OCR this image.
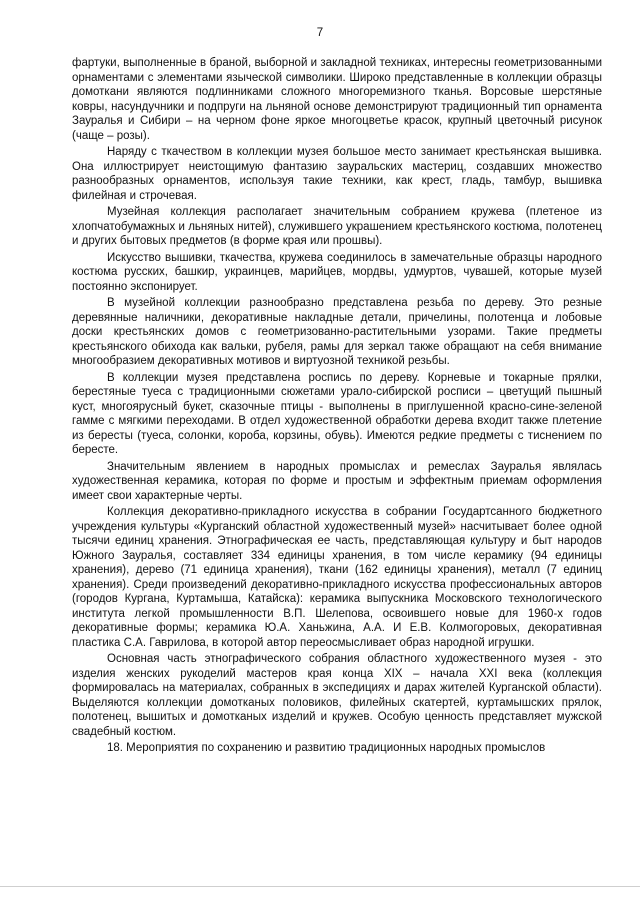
7

фартуки, выполненные в браной, выборной и закладной техниках, интересны геометризованными орнаментами с элементами языческой символики. Широко представленные в коллекции образцы домоткани являются подлинниками сложного многоремизного тканья. Ворсовые шерстяные ковры, насундучники и подпруги на льняной основе демонстрируют традиционный тип орнамента Зауралья и Сибири – на черном фоне яркое многоцветье красок, крупный цветочный рисунок (чаще – розы).

Наряду с ткачеством в коллекции музея большое место занимает крестьянская вышивка. Она иллюстрирует неистощимую фантазию зауральских мастериц, создавших множество разнообразных орнаментов, используя такие техники, как крест, гладь, тамбур, вышивка филейная и строчевая.

Музейная коллекция располагает значительным собранием кружева (плетеное из хлопчатобумажных и льняных нитей), служившего украшением крестьянского костюма, полотенец и других бытовых предметов (в форме края или прошвы).

Искусство вышивки, ткачества, кружева соединилось в замечательные образцы народного костюма русских, башкир, украинцев, марийцев, мордвы, удмуртов, чувашей, которые музей постоянно экспонирует.

В музейной коллекции разнообразно представлена резьба по дереву. Это резные деревянные наличники, декоративные накладные детали, причелины, полотенца и лобовые доски крестьянских домов с геометризованно-растительными узорами. Такие предметы крестьянского обихода как вальки, рубеля, рамы для зеркал также обращают на себя внимание многообразием декоративных мотивов и виртуозной техникой резьбы.

В коллекции музея представлена роспись по дереву. Корневые и токарные прялки, берестяные туеса с традиционными сюжетами урало-сибирской росписи – цветущий пышный куст, многоярусный букет, сказочные птицы - выполнены в приглушенной красно-сине-зеленой гамме с мягкими переходами. В отдел художественной обработки дерева входит также плетение из бересты (туеса, солонки, короба, корзины, обувь). Имеются редкие предметы с тиснением по бересте.

Значительным явлением в народных промыслах и ремеслах Зауралья являлась художественная керамика, которая по форме и простым и эффектным приемам оформления имеет свои характерные черты.

Коллекция декоративно-прикладного искусства в собрании Государтсанного бюджетного учреждения культуры «Курганский областной художественный музей» насчитывает более одной тысячи единиц хранения. Этнографическая ее часть, представляющая культуру и быт народов Южного Зауралья, составляет 334 единицы хранения, в том числе керамику (94 единицы хранения), дерево (71 единица хранения), ткани (162 единицы хранения), металл (7 единиц хранения). Среди произведений декоративно-прикладного искусства профессиональных авторов (городов Кургана, Куртамыша, Катайска): керамика выпускника Московского технологического института легкой промышленности В.П. Шелепова, освоившего новые для 1960-х годов декоративные формы; керамика Ю.А. Ханьжина, А.А. И Е.В. Колмогоровых, декоративная пластика С.А. Гаврилова, в которой автор переосмысливает образ народной игрушки.

Основная часть этнографического собрания областного художественного музея - это изделия женских рукоделий мастеров края конца XIX – начала XXI века (коллекция формировалась на материалах, собранных в экспедициях и дарах жителей Курганской области). Выделяются коллекции домотканых половиков, филейных скатертей, куртамышских прялок, полотенец, вышитых и домотканых изделий и кружев. Особую ценность представляет мужской свадебный костюм.

18. Мероприятия по сохранению и развитию традиционных народных промыслов
